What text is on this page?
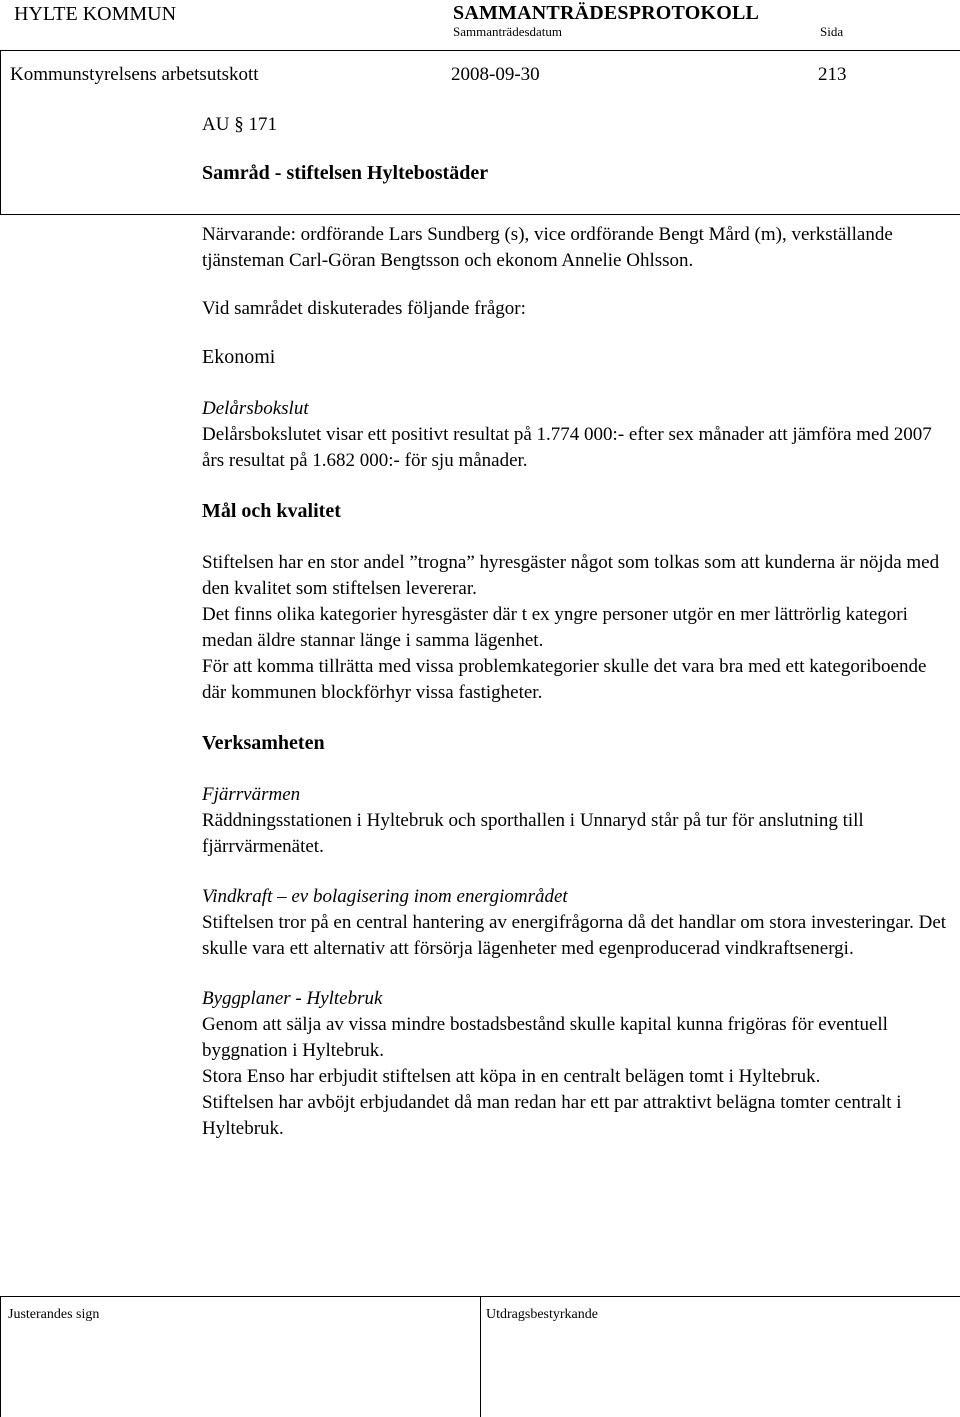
HYLTE KOMMUN	SAMMANTRÄDESPROTOKOLL
Sammanträdesdatum	Sida
Kommunstyrelsens arbetsutskott	2008-09-30	213

AU § 171

Samråd - stiftelsen Hyltebostäder

Närvarande: ordförande Lars Sundberg (s), vice ordförande Bengt Mård (m), verkställande tjänsteman Carl-Göran Bengtsson och ekonom Annelie Ohlsson.

Vid samrådet diskuterades följande frågor:

Ekonomi

Delårsbokslut

Delårsbokslutet visar ett positivt resultat på 1.774 000:- efter sex månader att jämföra med 2007 års resultat på 1.682 000:- för sju månader.

Mål och kvalitet

Stiftelsen har en stor andel ”trogna” hyresgäster något som tolkas som att kunderna är nöjda med den kvalitet som stiftelsen levererar.

Det finns olika kategorier hyresgäster där t ex yngre personer utgör en mer lättrörlig kategori medan äldre stannar länge i samma lägenhet.

För att komma tillrätta med vissa problemkategorier skulle det vara bra med ett kategoriboende där kommunen blockförhyr vissa fastigheter.

Verksamheten

Fjärrvärmen

Räddningsstationen i Hyltebruk och sporthallen i Unnaryd står på tur för anslutning till fjärrvärmenätet.

Vindkraft – ev bolagisering inom energiområdet

Stiftelsen tror på en central hantering av energifrågorna då det handlar om stora investeringar. Det skulle vara ett alternativ att försörja lägenheter med egenproducerad vindkraftsenergi.

Byggplaner - Hyltebruk

Genom att sälja av vissa mindre bostadsbestånd skulle kapital kunna frigöras för eventuell byggnation i Hyltebruk.

Stora Enso har erbjudit stiftelsen att köpa in en centralt belägen tomt i Hyltebruk.

Stiftelsen har avböjt erbjudandet då man redan har ett par attraktivt belägna tomter centralt i Hyltebruk.

Justerandes sign	Utdragsbestyrkande
